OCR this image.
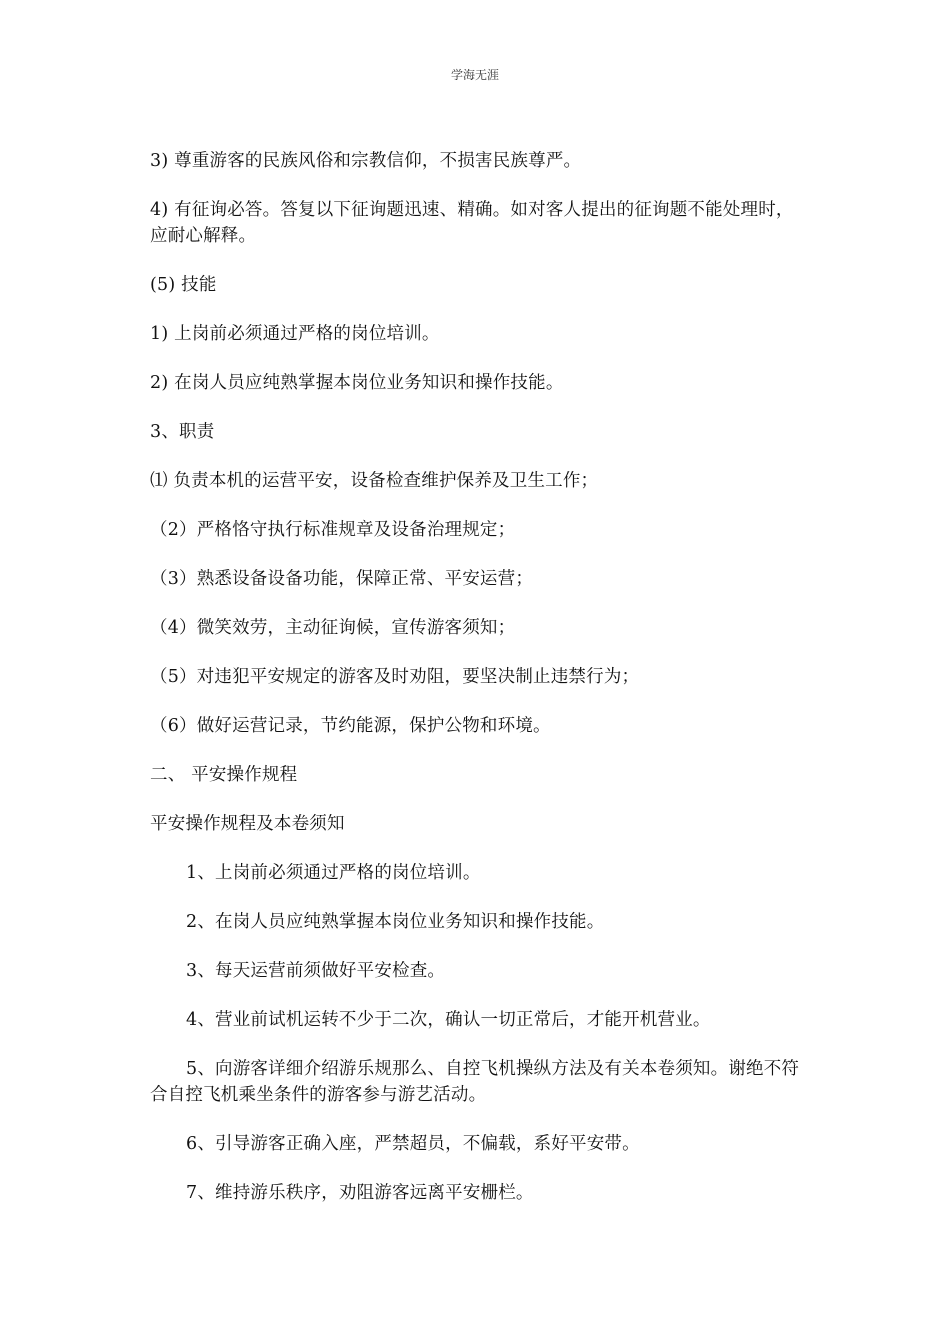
学海无涯

3) 尊重游客的民族风俗和宗教信仰，不损害民族尊严。

4) 有征询必答。答复以下征询题迅速、精确。如对客人提出的征询题不能处理时，应耐心解释。

(5) 技能

1) 上岗前必须通过严格的岗位培训。

2) 在岗人员应纯熟掌握本岗位业务知识和操作技能。

3、职责

⑴ 负责本机的运营平安，设备检查维护保养及卫生工作；

（2）严格恪守执行标准规章及设备治理规定；

（3）熟悉设备设备功能，保障正常、平安运营；

（4）微笑效劳，主动征询候，宣传游客须知；

（5）对违犯平安规定的游客及时劝阻，要坚决制止违禁行为；

（6）做好运营记录，节约能源，保护公物和环境。

二、 平安操作规程

平安操作规程及本卷须知

1、上岗前必须通过严格的岗位培训。

2、在岗人员应纯熟掌握本岗位业务知识和操作技能。

3、每天运营前须做好平安检查。

4、营业前试机运转不少于二次，确认一切正常后，才能开机营业。

5、向游客详细介绍游乐规那么、自控飞机操纵方法及有关本卷须知。谢绝不符合自控飞机乘坐条件的游客参与游艺活动。

6、引导游客正确入座，严禁超员，不偏载，系好平安带。

7、维持游乐秩序，劝阻游客远离平安栅栏。
